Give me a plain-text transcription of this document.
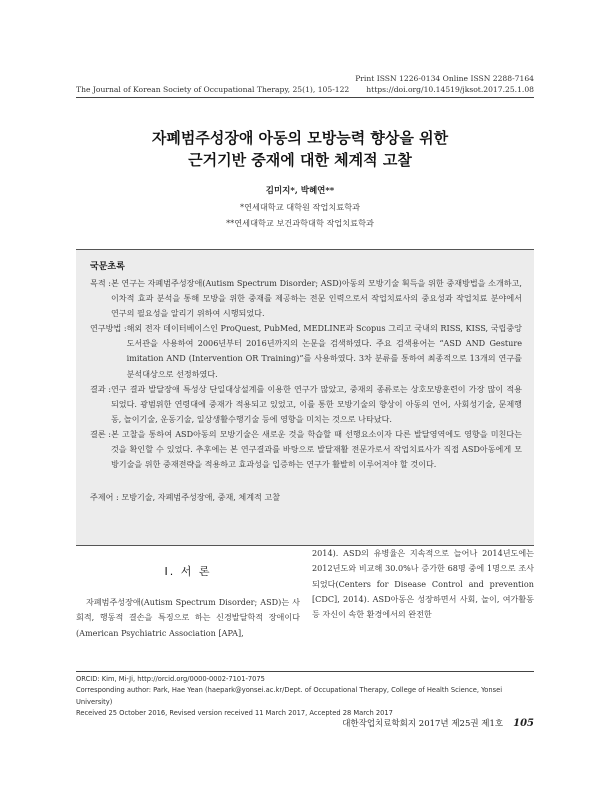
Print ISSN 1226-0134 Online ISSN 2288-7164
https://doi.org/10.14519/jksot.2017.25.1.08
The Journal of Korean Society of Occupational Therapy, 25(1), 105-122
자폐범주성장애 아동의 모방능력 향상을 위한
근거기반 중재에 대한 체계적 고찰
김미지*, 박혜연**
*연세대학교 대학원 작업치료학과
**연세대학교 보건과학대학 작업치료학과
국문초록
목적 : 본 연구는 자폐범주성장애(Autism Spectrum Disorder; ASD)아동의 모방기술 획득을 위한 중재방법을 소개하고, 이차적 효과 분석을 통해 모방을 위한 중재를 제공하는 전문 인력으로서 작업치료사의 중요성과 작업치료 분야에서 연구의 필요성을 알리기 위하여 시행되었다.
연구방법 : 해외 전자 데이터베이스인 ProQuest, PubMed, MEDLINE과 Scopus 그리고 국내의 RISS, KISS, 국립중앙도서관을 사용하여 2006년부터 2016년까지의 논문을 검색하였다. 주요 검색용어는 “ASD AND Gesture imitation AND (Intervention OR Training)”를 사용하였다. 3차 분류를 통하여 최종적으로 13개의 연구를 분석대상으로 선정하였다.
결과 : 연구 결과 발달장애 특성상 단일대상설계를 이용한 연구가 많았고, 중재의 종류로는 상호모방훈련이 가장 많이 적용되었다. 광범위한 연령대에 중재가 적용되고 있었고, 이를 통한 모방기술의 향상이 아동의 언어, 사회성기술, 문제행동, 놀이기술, 운동기술, 일상생활수행기술 등에 영향을 미치는 것으로 나타났다.
결론 : 본 고찰을 통하여 ASD아동의 모방기술은 새로운 것을 학습할 때 선행요소이자 다른 발달영역에도 영향을 미친다는 것을 확인할 수 있었다. 추후에는 본 연구결과를 바탕으로 발달재활 전문가로서 작업치료사가 직접 ASD아동에게 모방기술을 위한 중재전략을 적용하고 효과성을 입증하는 연구가 활발히 이루어져야 할 것이다.
주제어 : 모방기술, 자폐범주성장애, 중재, 체계적 고찰
Ⅰ. 서 론
자폐범주성장애(Autism Spectrum Disorder; ASD)는 사회적, 행동적 결손을 특징으로 하는 신경발달학적 장애이다(American Psychiatric Association [APA],
2014). ASD의 유병율은 지속적으로 늘어나 2014년도에는 2012년도와 비교해 30.0%나 증가한 68명 중에 1명으로 조사되었다(Centers for Disease Control and prevention [CDC], 2014). ASD아동은 성장하면서 사회, 놀이, 여가활동 등 자신이 속한 환경에서의 완전한
ORCID: Kim, Mi-Ji, http://orcid.org/0000-0002-7101-7075
Corresponding author: Park, Hae Yean (haepark@yonsei.ac.kr/Dept. of Occupational Therapy, College of Health Science, Yonsei University)
Received 25 October 2016, Revised version received 11 March 2017, Accepted 28 March 2017
대한작업치료학회지 2017년 제25권 제1호 105
